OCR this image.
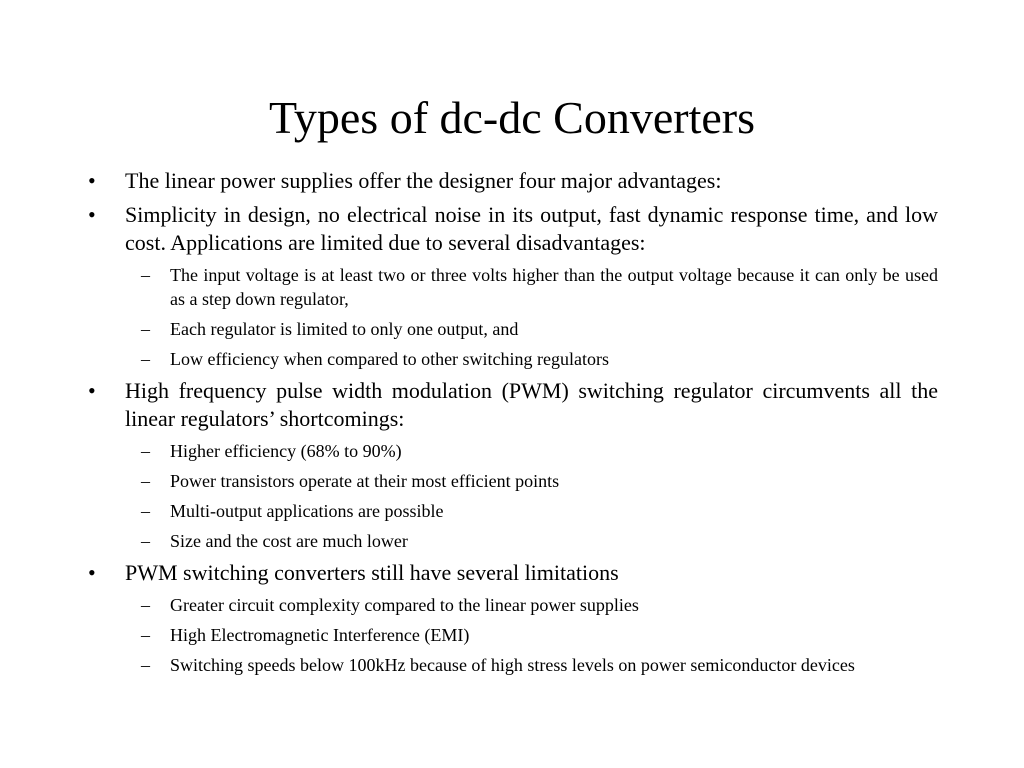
Types of dc-dc Converters
•	The linear power supplies offer the designer four major advantages:
•	Simplicity in design, no electrical noise in its output, fast dynamic response time, and low cost. Applications are limited due to several disadvantages:
–	The input voltage is at least two or three volts higher than the output voltage because it can only be used as a step down regulator,
–	Each regulator is limited to only one output, and
–	Low efficiency when compared to other switching regulators
•	High frequency pulse width modulation (PWM) switching regulator circumvents all the linear regulators’ shortcomings:
–	Higher efficiency (68% to 90%)
–	Power transistors operate at their most efficient points
–	Multi-output applications are possible
–	Size and the cost are much lower
•	PWM switching converters still have several limitations
–	Greater circuit complexity compared to the linear power supplies
–	High Electromagnetic Interference (EMI)
–	Switching speeds below 100kHz because of high stress levels on power semiconductor devices
